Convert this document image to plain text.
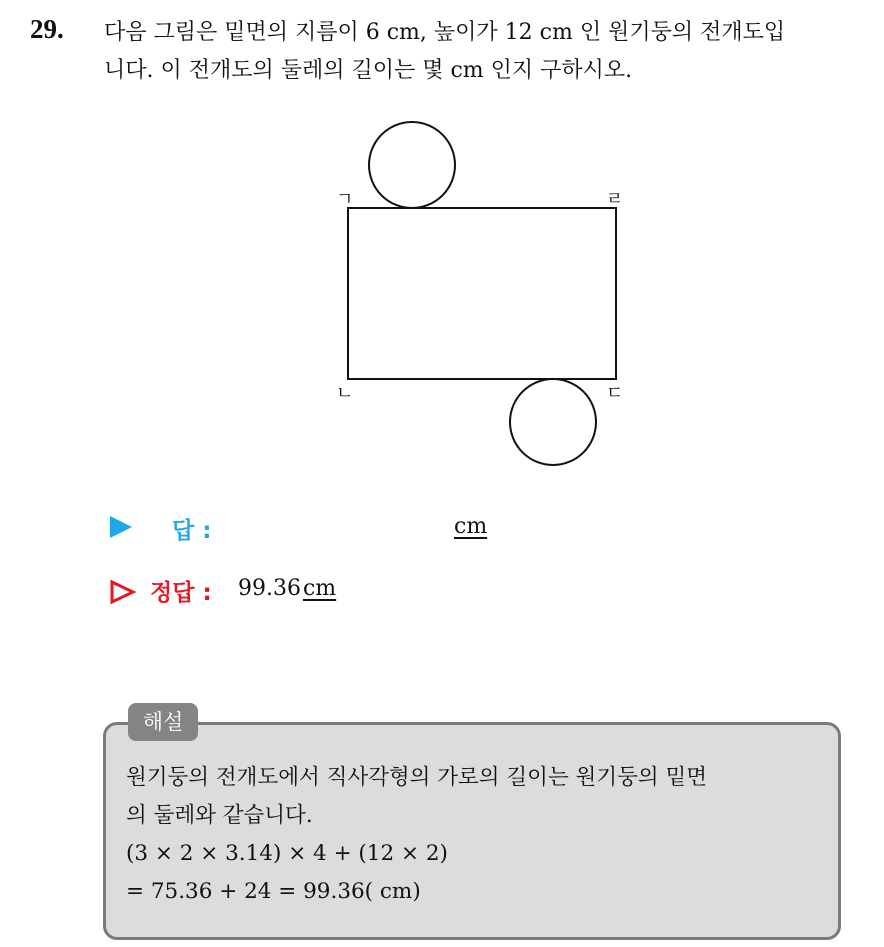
29. 다음 그림은 밑면의 지름이 6 cm, 높이가 12 cm 인 원기둥의 전개도입
니다. 이 전개도의 둘레의 길이는 몇 cm 인지 구하시오.
ㄱ	ㄹ
ㄴ	ㄷ
답 :	cm
정답 : 99.36cm
원기둥의 전개도에서 직사각형의 가로의 길이는 원기둥의 밑면
의 둘레와 같습니다.
(3 × 2 × 3.14) × 4 + (12 × 2)
= 75.36 + 24 = 99.36( cm)
해설
